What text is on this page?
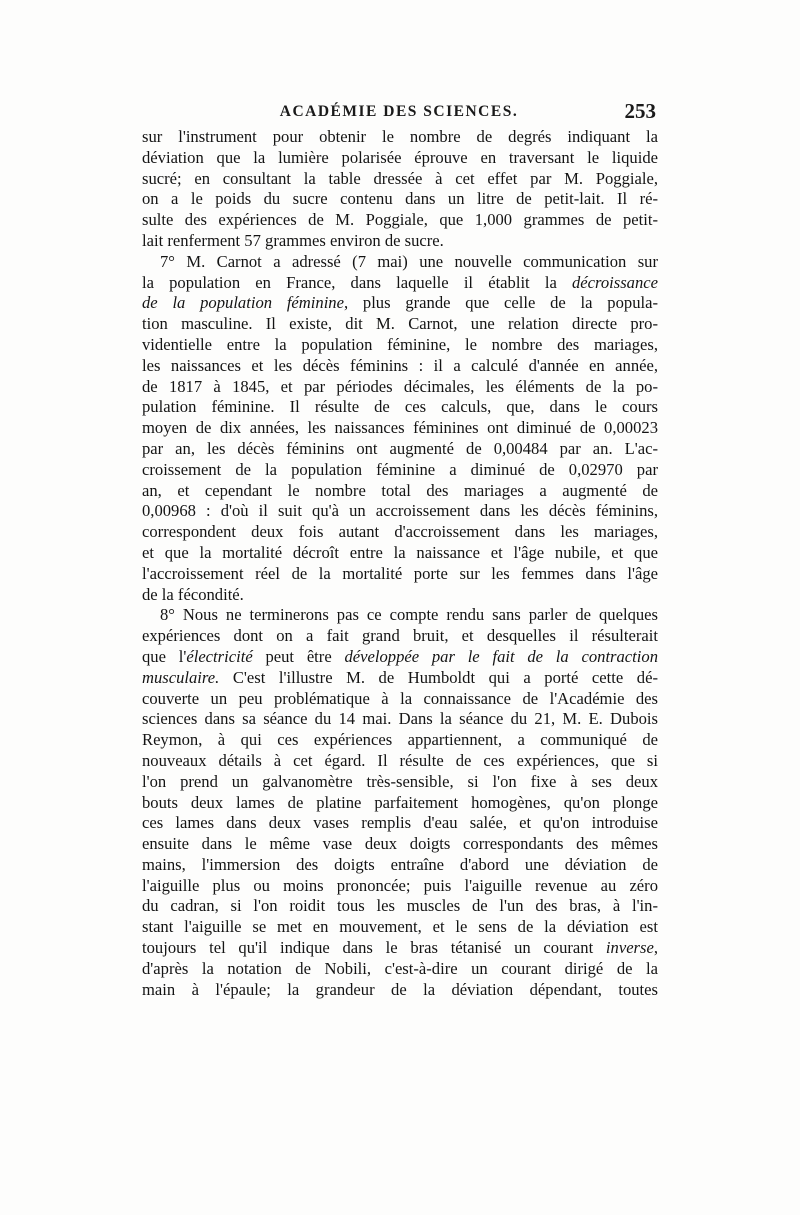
ACADÉMIE DES SCIENCES.	253
sur l'instrument pour obtenir le nombre de degrés indiquant la
déviation que la lumière polarisée éprouve en traversant le liquide
sucré; en consultant la table dressée à cet effet par M. Poggiale,
on a le poids du sucre contenu dans un litre de petit-lait. Il ré-
sulte des expériences de M. Poggiale, que 1,000 grammes de petit-
lait renferment 57 grammes environ de sucre.
7° M. Carnot a adressé (7 mai) une nouvelle communication sur
la population en France, dans laquelle il établit la décroissance
de la population féminine, plus grande que celle de la popula-
tion masculine. Il existe, dit M. Carnot, une relation directe pro-
videntielle entre la population féminine, le nombre des mariages,
les naissances et les décès féminins : il a calculé d'année en année,
de 1817 à 1845, et par périodes décimales, les éléments de la po-
pulation féminine. Il résulte de ces calculs, que, dans le cours
moyen de dix années, les naissances féminines ont diminué de 0,00023
par an, les décès féminins ont augmenté de 0,00484 par an. L'ac-
croissement de la population féminine a diminué de 0,02970 par
an, et cependant le nombre total des mariages a augmenté de
0,00968 : d'où il suit qu'à un accroissement dans les décès féminins,
correspondent deux fois autant d'accroissement dans les mariages,
et que la mortalité décroît entre la naissance et l'âge nubile, et que
l'accroissement réel de la mortalité porte sur les femmes dans l'âge
de la fécondité.
8° Nous ne terminerons pas ce compte rendu sans parler de quelques
expériences dont on a fait grand bruit, et desquelles il résulterait
que l'électricité peut être développée par le fait de la contraction
musculaire. C'est l'illustre M. de Humboldt qui a porté cette dé-
couverte un peu problématique à la connaissance de l'Académie des
sciences dans sa séance du 14 mai. Dans la séance du 21, M. E. Dubois
Reymon, à qui ces expériences appartiennent, a communiqué de
nouveaux détails à cet égard. Il résulte de ces expériences, que si
l'on prend un galvanomètre très-sensible, si l'on fixe à ses deux
bouts deux lames de platine parfaitement homogènes, qu'on plonge
ces lames dans deux vases remplis d'eau salée, et qu'on introduise
ensuite dans le même vase deux doigts correspondants des mêmes
mains, l'immersion des doigts entraîne d'abord une déviation de
l'aiguille plus ou moins prononcée; puis l'aiguille revenue au zéro
du cadran, si l'on roidit tous les muscles de l'un des bras, à l'in-
stant l'aiguille se met en mouvement, et le sens de la déviation est
toujours tel qu'il indique dans le bras tétanisé un courant inverse,
d'après la notation de Nobili, c'est-à-dire un courant dirigé de la
main à l'épaule; la grandeur de la déviation dépendant, toutes
